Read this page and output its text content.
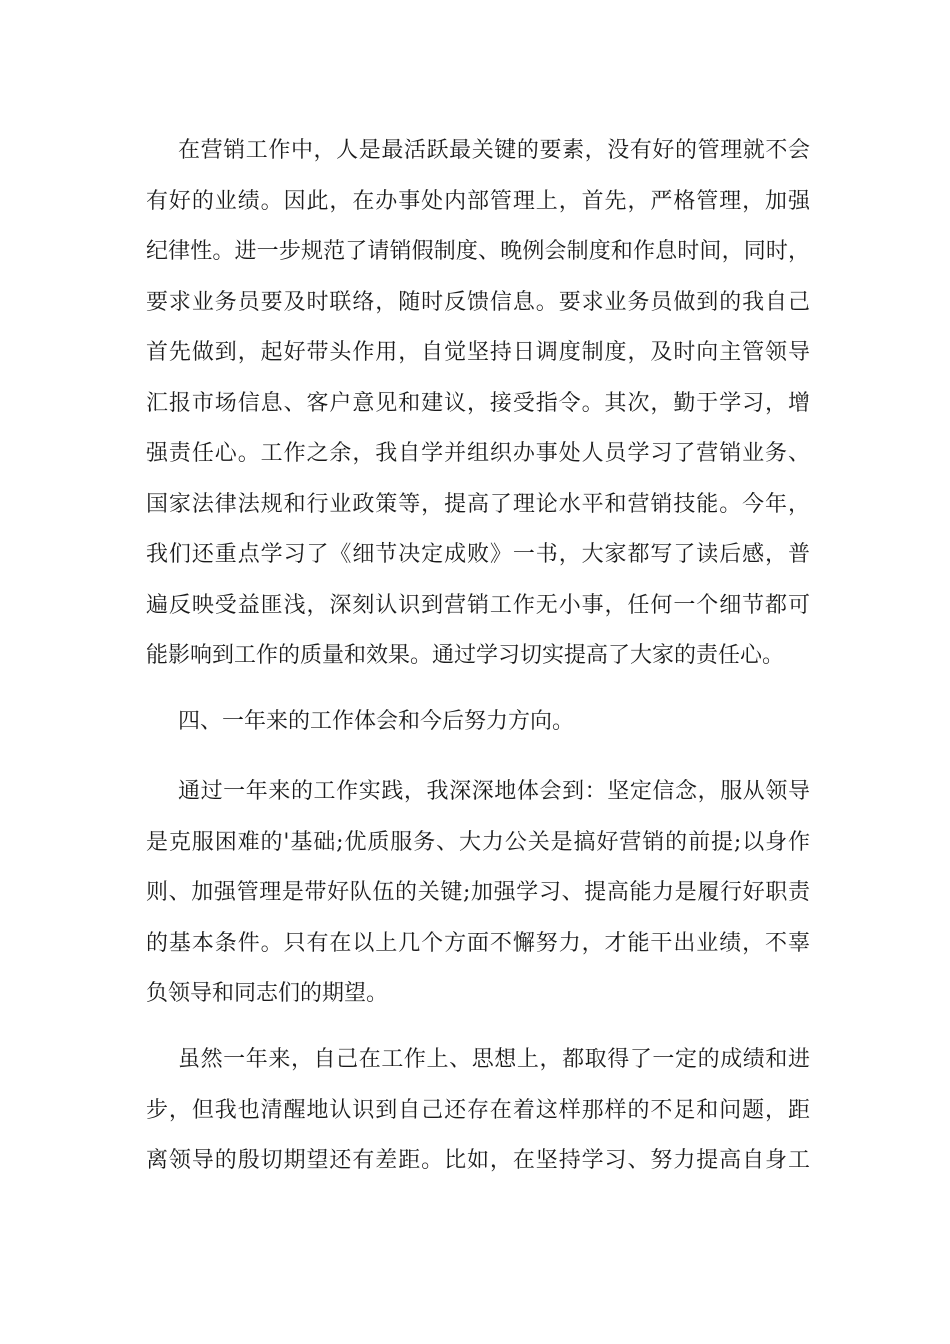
在营销工作中，人是最活跃最关键的要素，没有好的管理就不会
有好的业绩。因此，在办事处内部管理上，首先，严格管理，加强
纪律性。进一步规范了请销假制度、晚例会制度和作息时间，同时，
要求业务员要及时联络，随时反馈信息。要求业务员做到的我自己
首先做到，起好带头作用，自觉坚持日调度制度，及时向主管领导
汇报市场信息、客户意见和建议，接受指令。其次，勤于学习，增
强责任心。工作之余，我自学并组织办事处人员学习了营销业务、
国家法律法规和行业政策等，提高了理论水平和营销技能。今年，
我们还重点学习了《细节决定成败》一书，大家都写了读后感，普
遍反映受益匪浅，深刻认识到营销工作无小事，任何一个细节都可
能影响到工作的质量和效果。通过学习切实提高了大家的责任心。

四、一年来的工作体会和今后努力方向。

通过一年来的工作实践，我深深地体会到：坚定信念，服从领导
是克服困难的'基础;优质服务、大力公关是搞好营销的前提;以身作
则、加强管理是带好队伍的关键;加强学习、提高能力是履行好职责
的基本条件。只有在以上几个方面不懈努力，才能干出业绩，不辜
负领导和同志们的期望。

虽然一年来，自己在工作上、思想上，都取得了一定的成绩和进
步，但我也清醒地认识到自己还存在着这样那样的不足和问题，距
离领导的殷切期望还有差距。比如，在坚持学习、努力提高自身工
